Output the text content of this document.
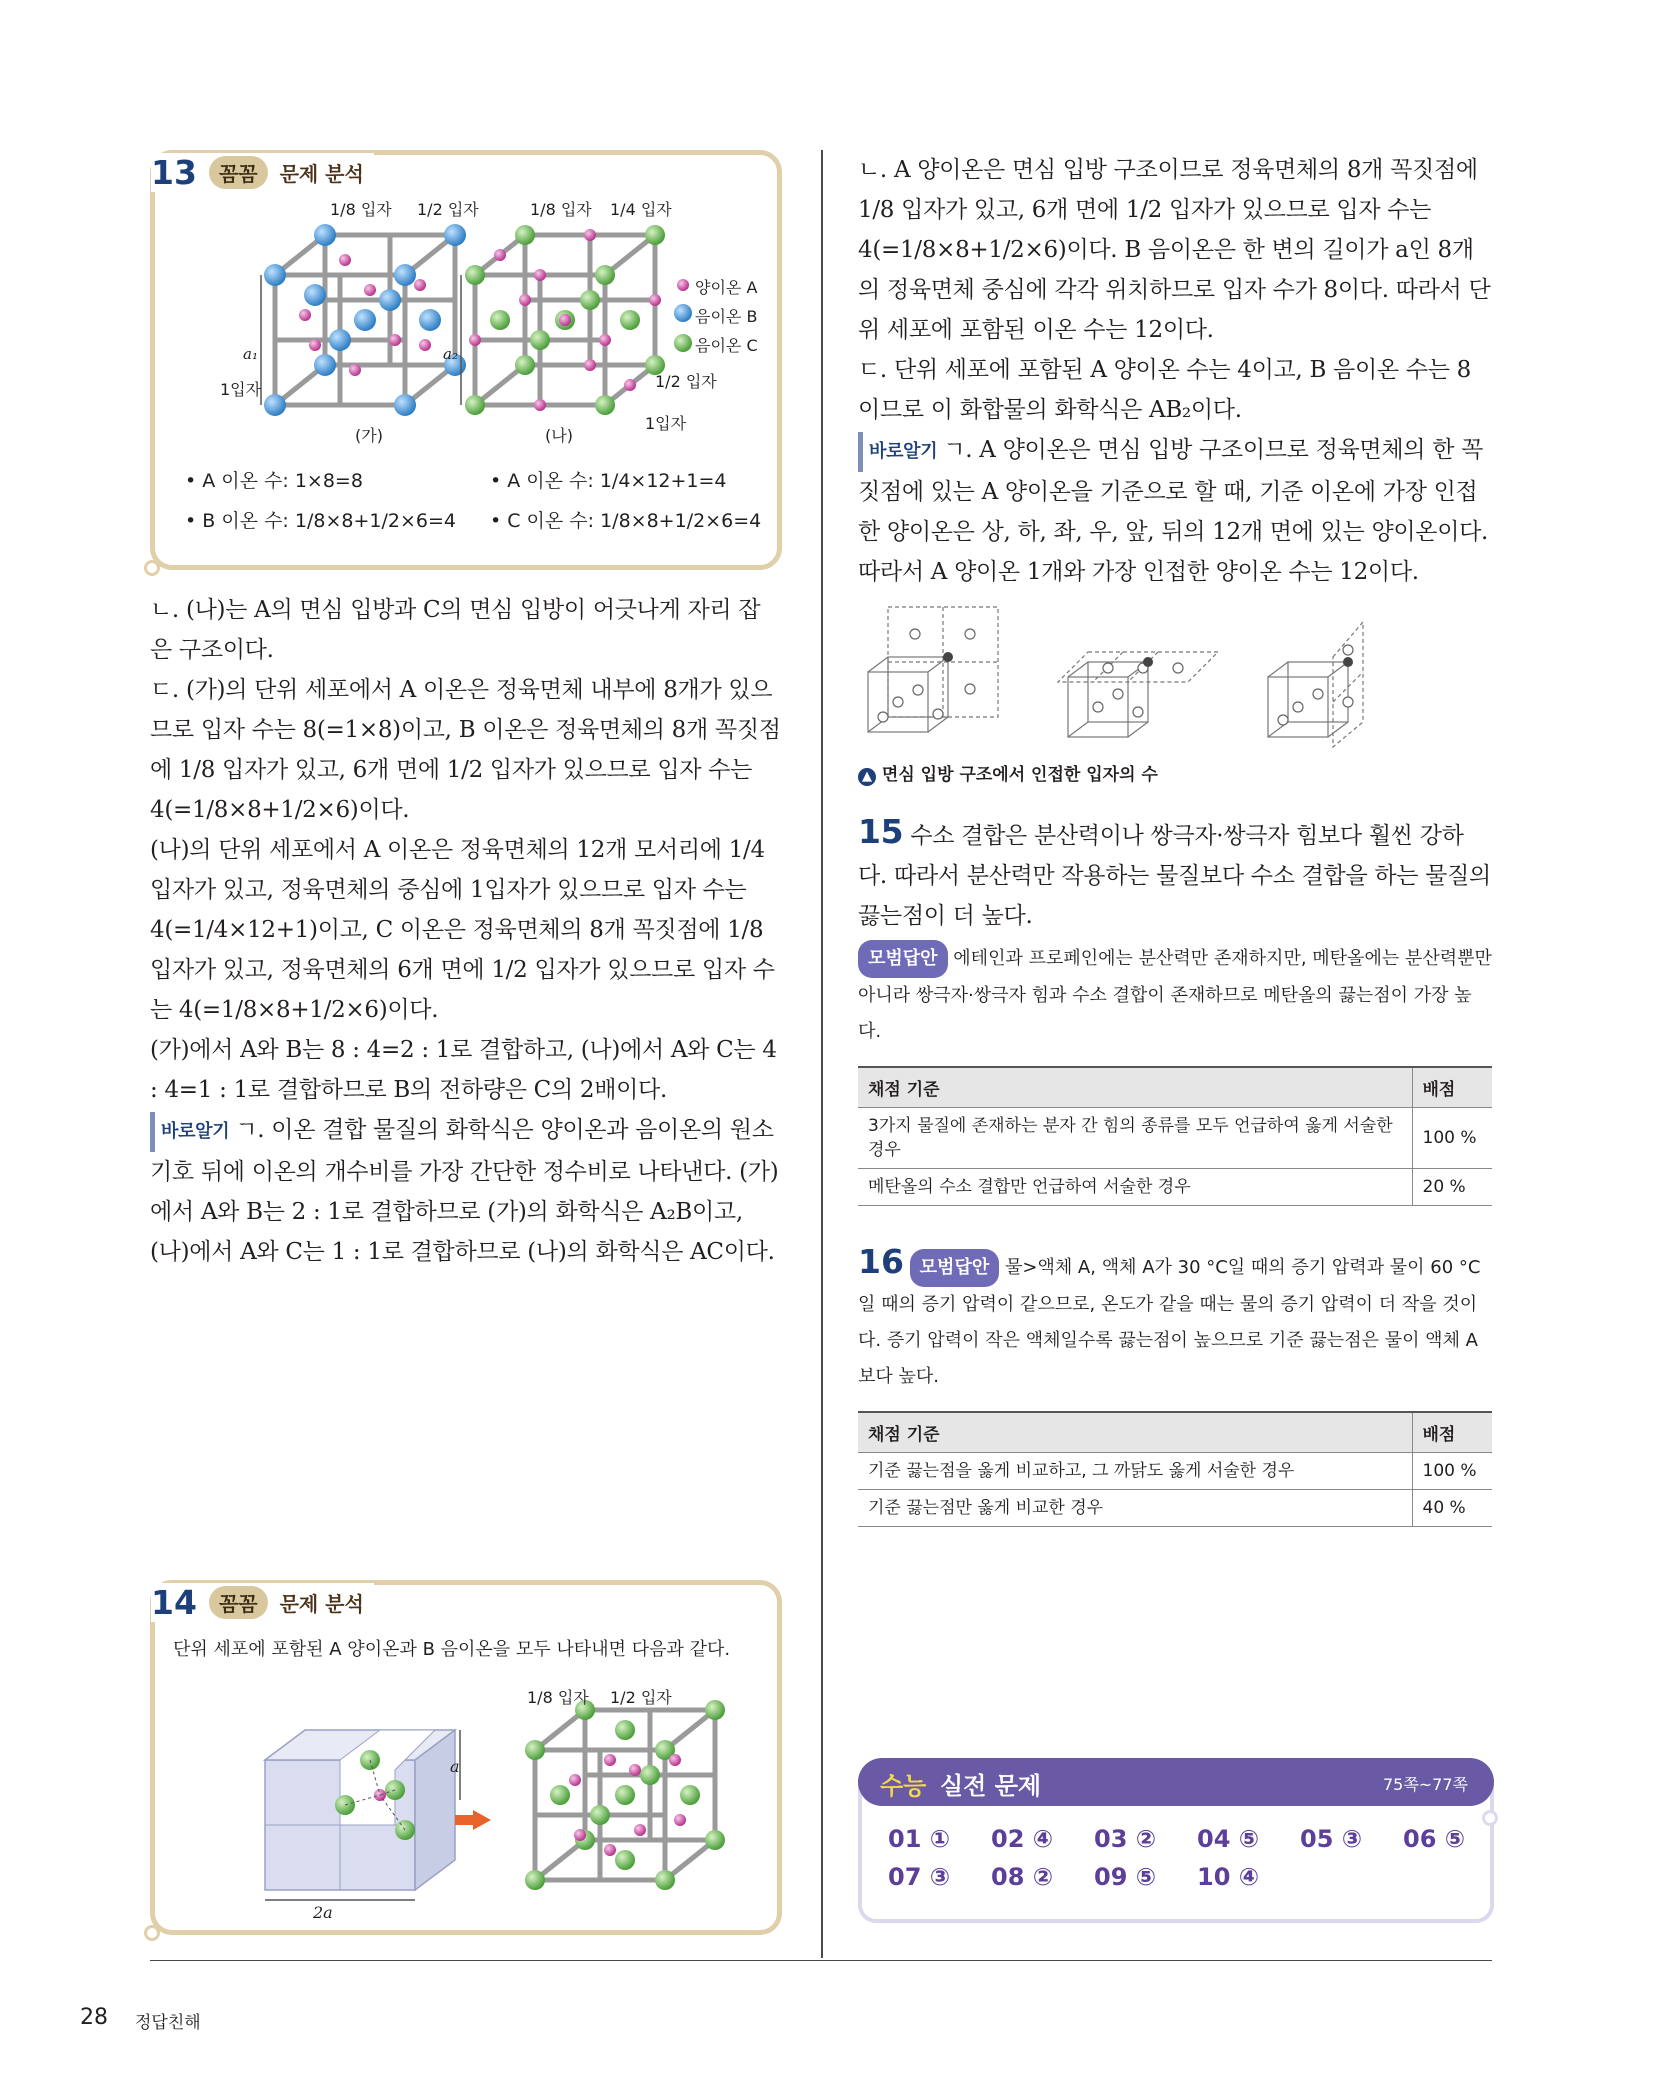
13	꼼꼼	문제 분석
1/8 입자 1/2 입자	1/8 입자 1/4 입자
1입자	1/2 입자
1입자
a₁	a₂
(가)	(나)
양이온 A
음이온 B
음이온 C
• A 이온 수: 1×8=8
• B 이온 수: 1/8×8+1/2×6=4
• A 이온 수: 1/4×12+1=4
• C 이온 수: 1/8×8+1/2×6=4

ㄴ. (나)는 A의 면심 입방과 C의 면심 입방이 어긋나게 자리 잡은 구조이다.

ㄷ. (가)의 단위 세포에서 A 이온은 정육면체 내부에 8개가 있으므로 입자 수는 8(=1×8)이고, B 이온은 정육면체의 8개 꼭짓점에 1/8 입자가 있고, 6개 면에 1/2 입자가 있으므로 입자 수는 4(=1/8×8+1/2×6)이다.

(나)의 단위 세포에서 A 이온은 정육면체의 12개 모서리에 1/4 입자가 있고, 정육면체의 중심에 1입자가 있으므로 입자 수는 4(=1/4×12+1)이고, C 이온은 정육면체의 8개 꼭짓점에 1/8 입자가 있고, 정육면체의 6개 면에 1/2 입자가 있으므로 입자 수는 4(=1/8×8+1/2×6)이다.

(가)에서 A와 B는 8 : 4=2 : 1로 결합하고, (나)에서 A와 C는 4 : 4=1 : 1로 결합하므로 B의 전하량은 C의 2배이다.

바로알기 ㄱ. 이온 결합 물질의 화학식은 양이온과 음이온의 원소 기호 뒤에 이온의 개수비를 가장 간단한 정수비로 나타낸다. (가)에서 A와 B는 2 : 1로 결합하므로 (가)의 화학식은 A₂B이고, (나)에서 A와 C는 1 : 1로 결합하므로 (나)의 화학식은 AC이다.

14	꼼꼼	문제 분석
단위 세포에 포함된 A 양이온과 B 음이온을 모두 나타내면 다음과 같다.
1/8 입자 1/2 입자
a
2a

ㄴ. A 양이온은 면심 입방 구조이므로 정육면체의 8개 꼭짓점에 1/8 입자가 있고, 6개 면에 1/2 입자가 있으므로 입자 수는 4(=1/8×8+1/2×6)이다. B 음이온은 한 변의 길이가 a인 8개의 정육면체 중심에 각각 위치하므로 입자 수가 8이다. 따라서 단위 세포에 포함된 이온 수는 12이다.

ㄷ. 단위 세포에 포함된 A 양이온 수는 4이고, B 음이온 수는 8이므로 이 화합물의 화학식은 AB₂이다.

바로알기 ㄱ. A 양이온은 면심 입방 구조이므로 정육면체의 한 꼭짓점에 있는 A 양이온을 기준으로 할 때, 기준 이온에 가장 인접한 양이온은 상, 하, 좌, 우, 앞, 뒤의 12개 면에 있는 양이온이다. 따라서 A 양이온 1개와 가장 인접한 양이온 수는 12이다.

▲ 면심 입방 구조에서 인접한 입자의 수

15 수소 결합은 분산력이나 쌍극자·쌍극자 힘보다 훨씬 강하다. 따라서 분산력만 작용하는 물질보다 수소 결합을 하는 물질의 끓는점이 더 높다.

모범답안 에테인과 프로페인에는 분산력만 존재하지만, 메탄올에는 분산력뿐만 아니라 쌍극자·쌍극자 힘과 수소 결합이 존재하므로 메탄올의 끓는점이 가장 높다.

채점 기준	배점
3가지 물질에 존재하는 분자 간 힘의 종류를 모두 언급하여 옳게 서술한 경우	100 %
메탄올의 수소 결합만 언급하여 서술한 경우	20 %

16 모범답안 물>액체 A, 액체 A가 30 °C일 때의 증기 압력과 물이 60 °C일 때의 증기 압력이 같으므로, 온도가 같을 때는 물의 증기 압력이 더 작을 것이다. 증기 압력이 작은 액체일수록 끓는점이 높으므로 기준 끓는점은 물이 액체 A보다 높다.

채점 기준	배점
기준 끓는점을 옳게 비교하고, 그 까닭도 옳게 서술한 경우	100 %
기준 끓는점만 옳게 비교한 경우	40 %
수능 실전 문제	75쪽~77쪽
01 ① 02 ④ 03 ② 04 ⑤ 05 ③ 06 ⑤
07 ③ 08 ② 09 ⑤ 10 ④
28 정답친해
